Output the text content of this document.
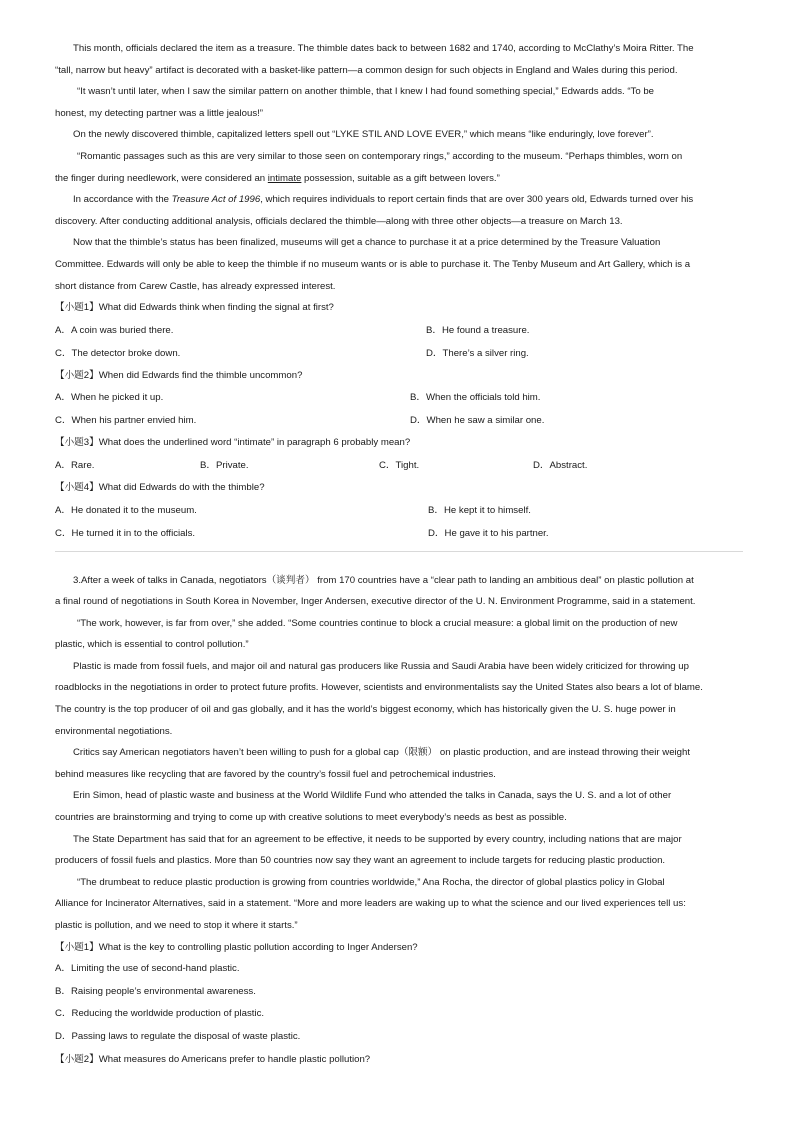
This month, officials declared the item as a treasure. The thimble dates back to between 1682 and 1740, according to McClathy’s Moira Ritter. The

“tall, narrow but heavy” artifact is decorated with a basket-like pattern—a common design for such objects in England and Wales during this period.

“It wasn’t until later, when I saw the similar pattern on another thimble, that I knew I had found something special,” Edwards adds. “To be

honest, my detecting partner was a little jealous!”

On the newly discovered thimble, capitalized letters spell out “LYKE STIL AND LOVE EVER,” which means “like enduringly, love forever”.

“Romantic passages such as this are very similar to those seen on contemporary rings,” according to the museum. “Perhaps thimbles, worn on

the finger during needlework, were considered an intimate possession, suitable as a gift between lovers.”

In accordance with the Treasure Act of 1996, which requires individuals to report certain finds that are over 300 years old, Edwards turned over his

discovery. After conducting additional analysis, officials declared the thimble—along with three other objects—a treasure on March 13.

Now that the thimble’s status has been finalized, museums will get a chance to purchase it at a price determined by the Treasure Valuation

Committee. Edwards will only be able to keep the thimble if no museum wants or is able to purchase it. The Tenby Museum and Art Gallery, which is a

short distance from Carew Castle, has already expressed interest.

【小题1】What did Edwards think when finding the signal at first?

A．A coin was buried there.	B．He found a treasure.
C．The detector broke down.	D．There’s a silver ring.

【小题2】When did Edwards find the thimble uncommon?

A．When he picked it up.	B．When the officials told him.
C．When his partner envied him.	D．When he saw a similar one.

【小题3】What does the underlined word “intimate” in paragraph 6 probably mean?

A．Rare.	B．Private.	C．Tight.	D．Abstract.

【小题4】What did Edwards do with the thimble?

A．He donated it to the museum.	B．He kept it to himself.
C．He turned it in to the officials.	D．He gave it to his partner.

3.After a week of talks in Canada, negotiators（谈判者） from 170 countries have a “clear path to landing an ambitious deal” on plastic pollution at

a final round of negotiations in South Korea in November, Inger Andersen, executive director of the U. N. Environment Programme, said in a statement.

“The work, however, is far from over,” she added. “Some countries continue to block a crucial measure: a global limit on the production of new

plastic, which is essential to control pollution.”

Plastic is made from fossil fuels, and major oil and natural gas producers like Russia and Saudi Arabia have been widely criticized for throwing up

roadblocks in the negotiations in order to protect future profits. However, scientists and environmentalists say the United States also bears a lot of blame.

The country is the top producer of oil and gas globally, and it has the world’s biggest economy, which has historically given the U. S. huge power in

environmental negotiations.

Critics say American negotiators haven’t been willing to push for a global cap（限额） on plastic production, and are instead throwing their weight

behind measures like recycling that are favored by the country’s fossil fuel and petrochemical industries.

Erin Simon, head of plastic waste and business at the World Wildlife Fund who attended the talks in Canada, says the U. S. and a lot of other

countries are brainstorming and trying to come up with creative solutions to meet everybody’s needs as best as possible.

The State Department has said that for an agreement to be effective, it needs to be supported by every country, including nations that are major

producers of fossil fuels and plastics. More than 50 countries now say they want an agreement to include targets for reducing plastic production.

“The drumbeat to reduce plastic production is growing from countries worldwide,” Ana Rocha, the director of global plastics policy in Global

Alliance for Incinerator Alternatives, said in a statement. “More and more leaders are waking up to what the science and our lived experiences tell us:

plastic is pollution, and we need to stop it where it starts.”

【小题1】What is the key to controlling plastic pollution according to Inger Andersen?

A．Limiting the use of second-hand plastic.

B．Raising people’s environmental awareness.

C．Reducing the worldwide production of plastic.

D．Passing laws to regulate the disposal of waste plastic.

【小题2】What measures do Americans prefer to handle plastic pollution?
